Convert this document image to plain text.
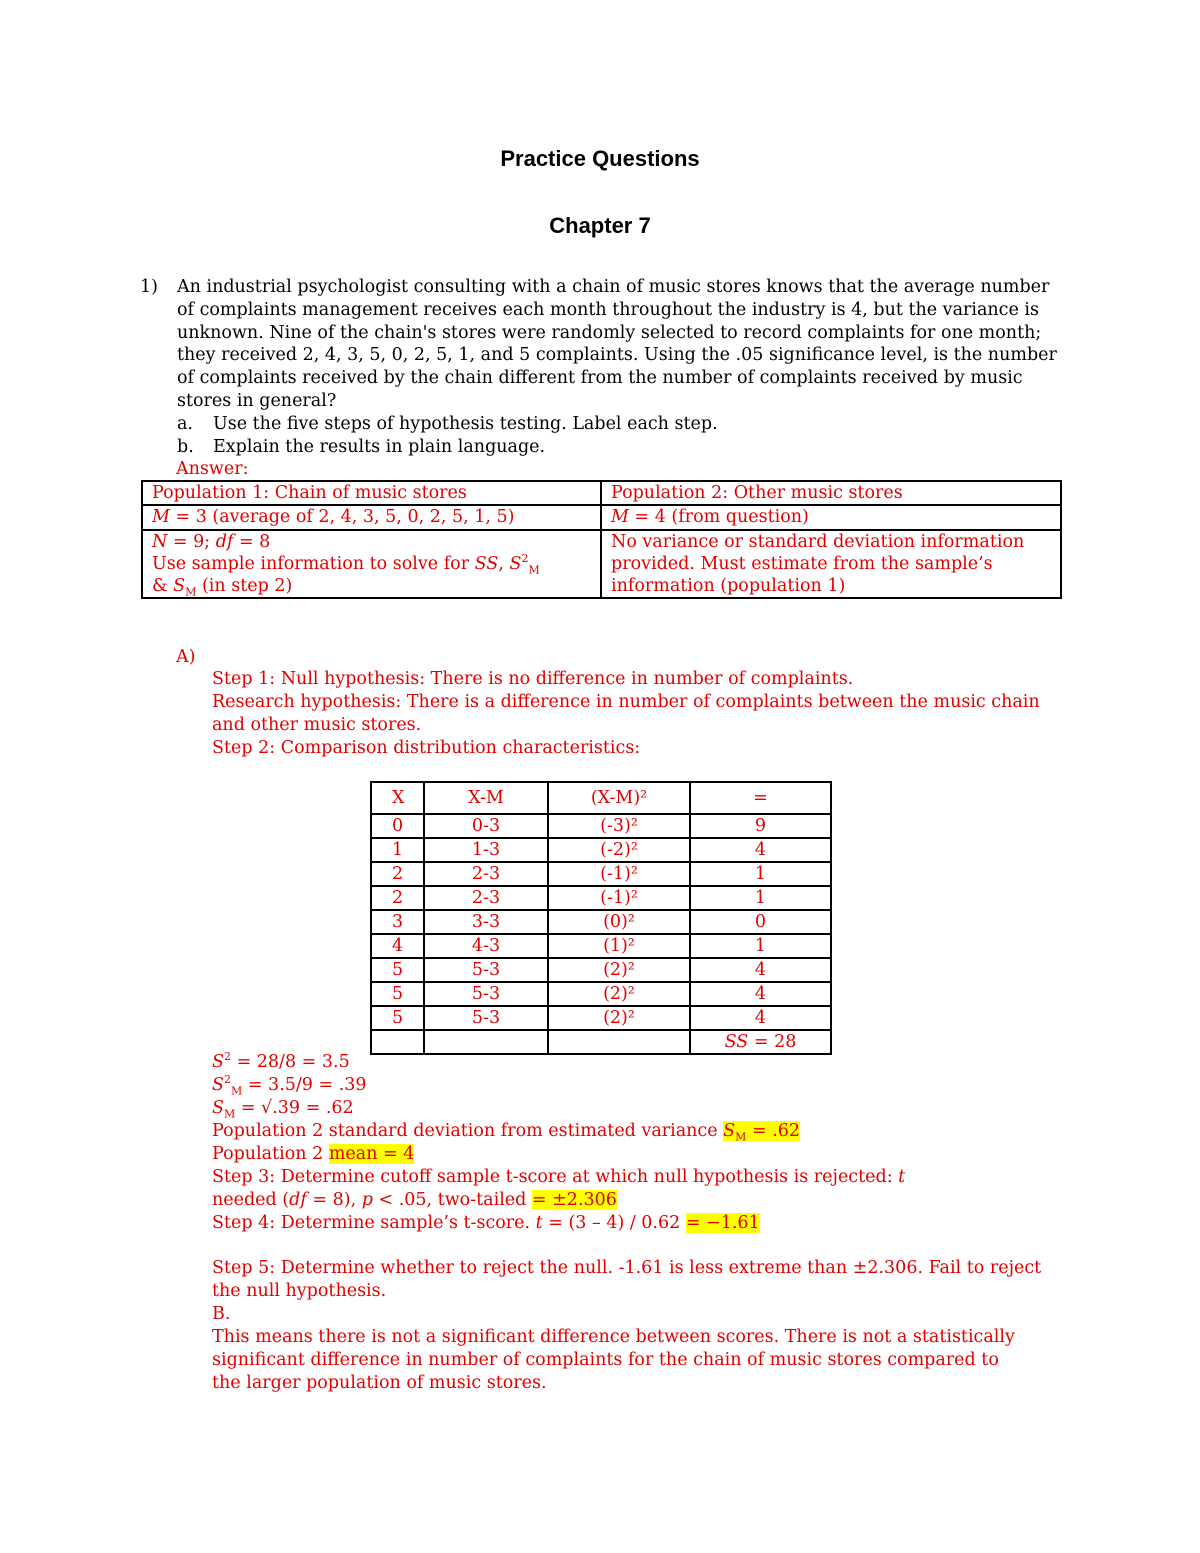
Practice Questions
Chapter 7
1) An industrial psychologist consulting with a chain of music stores knows that the average number of complaints management receives each month throughout the industry is 4, but the variance is unknown. Nine of the chain's stores were randomly selected to record complaints for one month; they received 2, 4, 3, 5, 0, 2, 5, 1, and 5 complaints. Using the .05 significance level, is the number of complaints received by the chain different from the number of complaints received by music stores in general?
a. Use the five steps of hypothesis testing. Label each step.
b. Explain the results in plain language.
Answer:
Population 1: Chain of music stores	Population 2: Other music stores
M = 3 (average of 2, 4, 3, 5, 0, 2, 5, 1, 5)	M = 4 (from question)
N = 9; df = 8
Use sample information to solve for SS, $S^2_M$
& $S_M$ (in step 2)	No variance or standard deviation information provided. Must estimate from the sample’s information (population 1)
A)
Step 1: Null hypothesis: There is no difference in number of complaints.
Research hypothesis: There is a difference in number of complaints between the music chain and other music stores.
Step 2: Comparison distribution characteristics:
X	X-M	(X-M)²	=
0	0-3	(-3)²	9
1	1-3	(-2)²	4
2	2-3	(-1)²	1
2	2-3	(-1)²	1
3	3-3	(0)²	0
4	4-3	(1)²	1
5	5-3	(2)²	4
5	5-3	(2)²	4
5	5-3	(2)²	4
			SS = 28
$S^2 = 28/8 = 3.5$
$S^2_M = 3.5/9 = .39$
$S_M = √.39 = .62$
Population 2 standard deviation from estimated variance $S_M = .62$
Population 2 mean = 4
Step 3: Determine cutoff sample t-score at which null hypothesis is rejected: t
needed (df = 8), p < .05, two-tailed = ±2.306
Step 4: Determine sample’s t-score. t = (3 – 4) / 0.62 = −1.61
Step 5: Determine whether to reject the null. -1.61 is less extreme than ±2.306. Fail to reject the null hypothesis.
B.
This means there is not a significant difference between scores. There is not a statistically significant difference in number of complaints for the chain of music stores compared to the larger population of music stores.
